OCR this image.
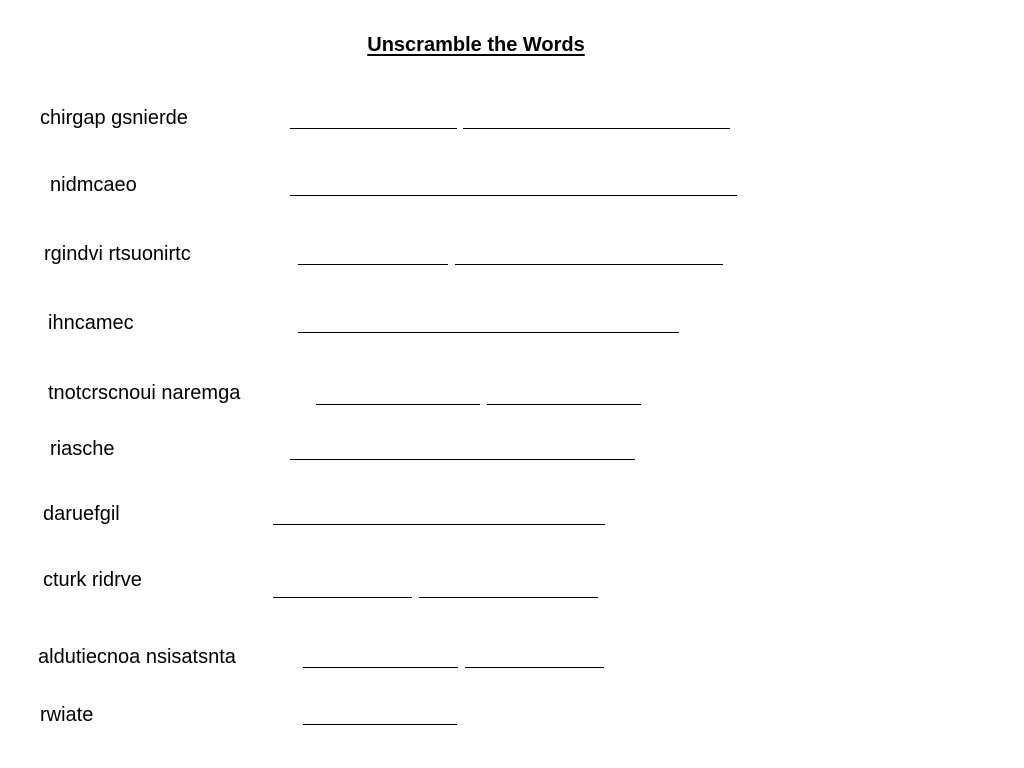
Unscramble the Words
chirgap gsnierde
nidmcaeo
rgindvi rtsuonirtc
ihncamec
tnotcrscnoui naremga
riasche
daruefgil
cturk ridrve
aldutiecnoa nsisatsnta
rwiate
